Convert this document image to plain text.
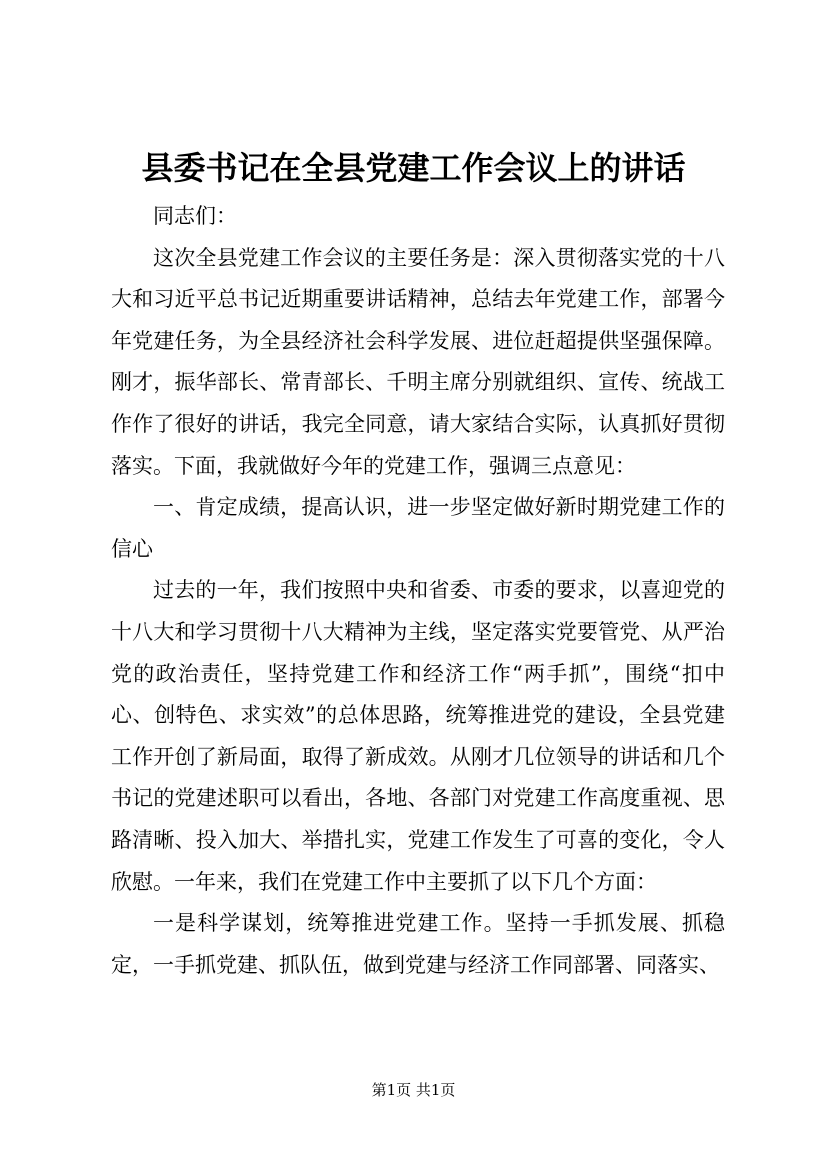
县委书记在全县党建工作会议上的讲话

同志们：

这次全县党建工作会议的主要任务是：深入贯彻落实党的十八大和习近平总书记近期重要讲话精神，总结去年党建工作，部署今年党建任务，为全县经济社会科学发展、进位赶超提供坚强保障。刚才，振华部长、常青部长、千明主席分别就组织、宣传、统战工作作了很好的讲话，我完全同意，请大家结合实际，认真抓好贯彻落实。下面，我就做好今年的党建工作，强调三点意见：

一、肯定成绩，提高认识，进一步坚定做好新时期党建工作的信心

过去的一年，我们按照中央和省委、市委的要求，以喜迎党的十八大和学习贯彻十八大精神为主线，坚定落实党要管党、从严治党的政治责任，坚持党建工作和经济工作“两手抓”，围绕“扣中心、创特色、求实效”的总体思路，统筹推进党的建设，全县党建工作开创了新局面，取得了新成效。从刚才几位领导的讲话和几个书记的党建述职可以看出，各地、各部门对党建工作高度重视、思路清晰、投入加大、举措扎实，党建工作发生了可喜的变化，令人欣慰。一年来，我们在党建工作中主要抓了以下几个方面：

一是科学谋划，统筹推进党建工作。坚持一手抓发展、抓稳定，一手抓党建、抓队伍，做到党建与经济工作同部署、同落实、

第1页 共1页
